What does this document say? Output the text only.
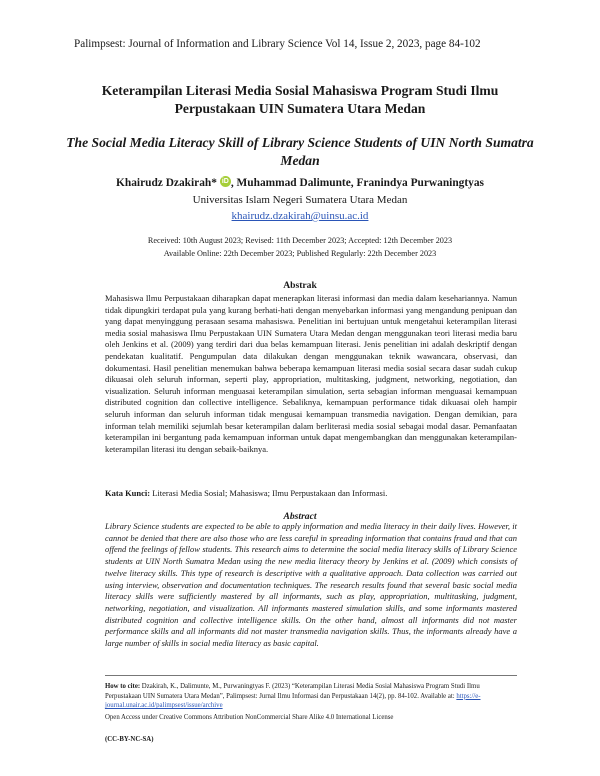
Palimpsest: Journal of Information and Library Science Vol 14, Issue 2, 2023, page 84-102
Keterampilan Literasi Media Sosial Mahasiswa Program Studi Ilmu Perpustakaan UIN Sumatera Utara Medan
The Social Media Literacy Skill of Library Science Students of UIN North Sumatra Medan
Khairudz Dzakirah* iD , Muhammad Dalimunte, Franindya Purwaningtyas
Universitas Islam Negeri Sumatera Utara Medan
khairudz.dzakirah@uinsu.ac.id
Received: 10th August 2023; Revised: 11th December 2023; Accepted: 12th December 2023
Available Online: 22th December 2023; Published Regularly: 22th December 2023
Abstrak
Mahasiswa Ilmu Perpustakaan diharapkan dapat menerapkan literasi informasi dan media dalam kesehariannya. Namun tidak dipungkiri terdapat pula yang kurang berhati-hati dengan menyebarkan informasi yang mengandung penipuan dan yang dapat menyinggung perasaan sesama mahasiswa. Penelitian ini bertujuan untuk mengetahui keterampilan literasi media sosial mahasiswa Ilmu Perpustakaan UIN Sumatera Utara Medan dengan menggunakan teori literasi media baru oleh Jenkins et al. (2009) yang terdiri dari dua belas kemampuan literasi. Jenis penelitian ini adalah deskriptif dengan pendekatan kualitatif. Pengumpulan data dilakukan dengan menggunakan teknik wawancara, observasi, dan dokumentasi. Hasil penelitian menemukan bahwa beberapa kemampuan literasi media sosial secara dasar sudah cukup dikuasai oleh seluruh informan, seperti play, appropriation, multitasking, judgment, networking, negotiation, dan visualization. Seluruh informan menguasai keterampilan simulation, serta sebagian informan menguasai kemampuan distributed cognition dan collective intelligence. Sebaliknya, kemampuan performance tidak dikuasai oleh hampir seluruh informan dan seluruh informan tidak mengusai kemampuan transmedia navigation. Dengan demikian, para informan telah memiliki sejumlah besar keterampilan dalam berliterasi media sosial sebagai modal dasar. Pemanfaatan keterampilan ini bergantung pada kemampuan informan untuk dapat mengembangkan dan menggunakan keterampilan-keterampilan literasi itu dengan sebaik-baiknya.
Kata Kunci: Literasi Media Sosial; Mahasiswa; Ilmu Perpustakaan dan Informasi.
Abstract
Library Science students are expected to be able to apply information and media literacy in their daily lives. However, it cannot be denied that there are also those who are less careful in spreading information that contains fraud and that can offend the feelings of fellow students. This research aims to determine the social media literacy skills of Library Science students at UIN North Sumatra Medan using the new media literacy theory by Jenkins et al. (2009) which consists of twelve literacy skills. This type of research is descriptive with a qualitative approach. Data collection was carried out using interview, observation and documentation techniques. The research results found that several basic social media literacy skills were sufficiently mastered by all informants, such as play, appropriation, multitasking, judgment, networking, negotiation, and visualization. All informants mastered simulation skills, and some informants mastered distributed cognition and collective intelligence skills. On the other hand, almost all informants did not master performance skills and all informants did not master transmedia navigation skills. Thus, the informants already have a large number of skills in social media literacy as basic capital.
How to cite: Dzakirah, K., Dalimunte, M., Purwaningtyas F. (2023) “Keterampilan Literasi Media Sosial Mahasiswa Program Studi Ilmu Perpustakaan UIN Sumatera Utara Medan”, Palimpsest: Jurnal Ilmu Informasi dan Perpustakaan 14(2), pp. 84-102. Available at: https://e- journal.unair.ac.id/palimpsest/issue/archive
Open Access under Creative Commons Attribution NonCommercial Share Alike 4.0 International License
(CC-BY-NC-SA)
